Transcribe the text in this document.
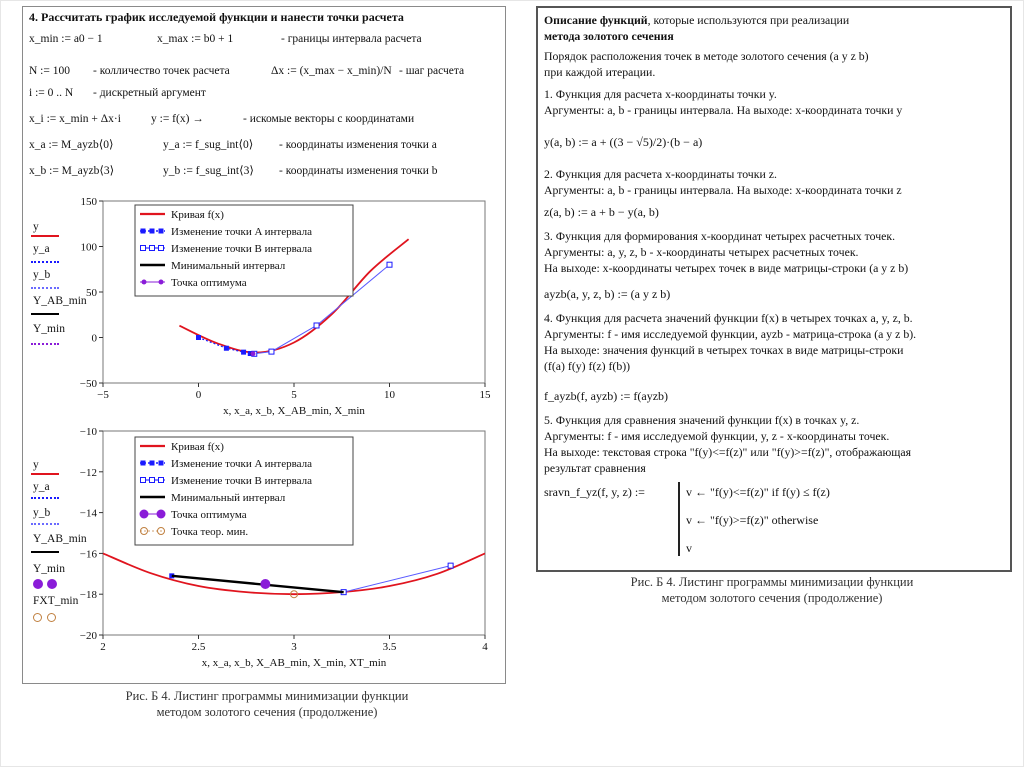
4. Рассчитать график исследуемой функции и нанести точки расчета
x_min := a0 − 1	x_max := b0 + 1	- границы интервала расчета
N := 100 - колличество точек расчета	Δx := (x_max − x_min)/N - шаг расчета
i := 0 .. N - дискретный аргумент
x_i := x_min + Δx·i	y := f(x) →	- искомые векторы с координатами
x_a := M_ayzb⟨0⟩	y_a := f_sug_int⟨0⟩ - координаты изменения точки a
x_b := M_ayzb⟨3⟩	y_b := f_sug_int⟨3⟩ - координаты изменения точки b
y
y_a
y_b
Y_AB_min
Y_min
y
y_a
y_b
Y_AB_min
Y_min
FXT_min
−5	0	5	10	15
−50
0
50
100
150
x, x_a, x_b, X_AB_min, X_min
Кривая f(x)
Изменение точки A интервала
Изменение точки B интервала
Минимальный интервал
Точка оптимума
2	2.5	3	3.5	4
−20
−18
−16
−14
−12
−10
x, x_a, x_b, X_AB_min, X_min, XT_min
Кривая f(x)
Изменение точки A интервала
Изменение точки B интервала
Минимальный интервал
Точка оптимума
Точка теор. мин.
Рис. Б 4. Листинг программы минимизации функции
методом золотого сечения (продолжение)
Описание функций, которые используются при реализации
метода золотого сечения
Порядок расположения точек в методе золотого сечения (a y z b)
при каждой итерации.
1. Функция для расчета x-координаты точки y.
Аргументы: a, b - границы интервала. На выходе: x-координата точки y
y(a, b) := a + ((3 − √5)/2)·(b − a)
2. Функция для расчета x-координаты точки z.
Аргументы: a, b - границы интервала. На выходе: x-координата точки z
z(a, b) := a + b − y(a, b)
3. Функция для формирования x-координат четырех расчетных точек.
Аргументы: a, y, z, b - x-координаты четырех расчетных точек.
На выходе: x-координаты четырех точек в виде матрицы-строки (a y z b)
ayzb(a, y, z, b) := (a y z b)
4. Функция для расчета значений функции f(x) в четырех точках a, y, z, b.
Аргументы: f - имя исследуемой функции, ayzb - матрица-строка (a y z b).
На выходе: значения функций в четырех точках в виде матрицы-строки
(f(a) f(y) f(z) f(b))
f_ayzb(f, ayzb) := f(ayzb)
5. Функция для сравнения значений функции f(x) в точках y, z.
Аргументы: f - имя исследуемой функции, y, z - x-координаты точек.
На выходе: текстовая строка "f(y)<=f(z)" или "f(y)>=f(z)", отображающая
результат сравнения
sravn_f_yz(f, y, z) :=	v ← "f(y)<=f(z)" if f(y) ≤ f(z)
v ← "f(y)>=f(z)" otherwise
v
Рис. Б 4. Листинг программы минимизации функции
методом золотого сечения (продолжение)
